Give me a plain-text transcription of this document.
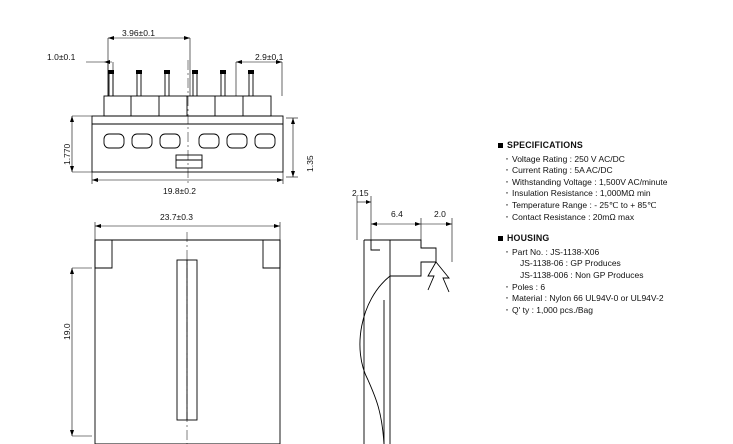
3.96±0.1
1.0±0.1	2.9±0.1
1.770	1.35
19.8±0.2
23.7±0.3
19.0
2.15
6.4	2.0
SPECIFICATIONS
· Voltage Rating : 250 V AC/DC
· Current Rating : 5A AC/DC
· Withstanding Voltage : 1,500V AC/minute
· Insulation Resistance : 1,000MΩ min
· Temperature Range : - 25℃ to + 85℃
· Contact Resistance : 20mΩ max
HOUSING
· Part No. : JS-1138-X06
JS-1138-06 : GP Produces
JS-1138-006 : Non GP Produces
· Poles : 6
· Material : Nylon 66 UL94V-0 or UL94V-2
· Q' ty : 1,000 pcs./Bag
